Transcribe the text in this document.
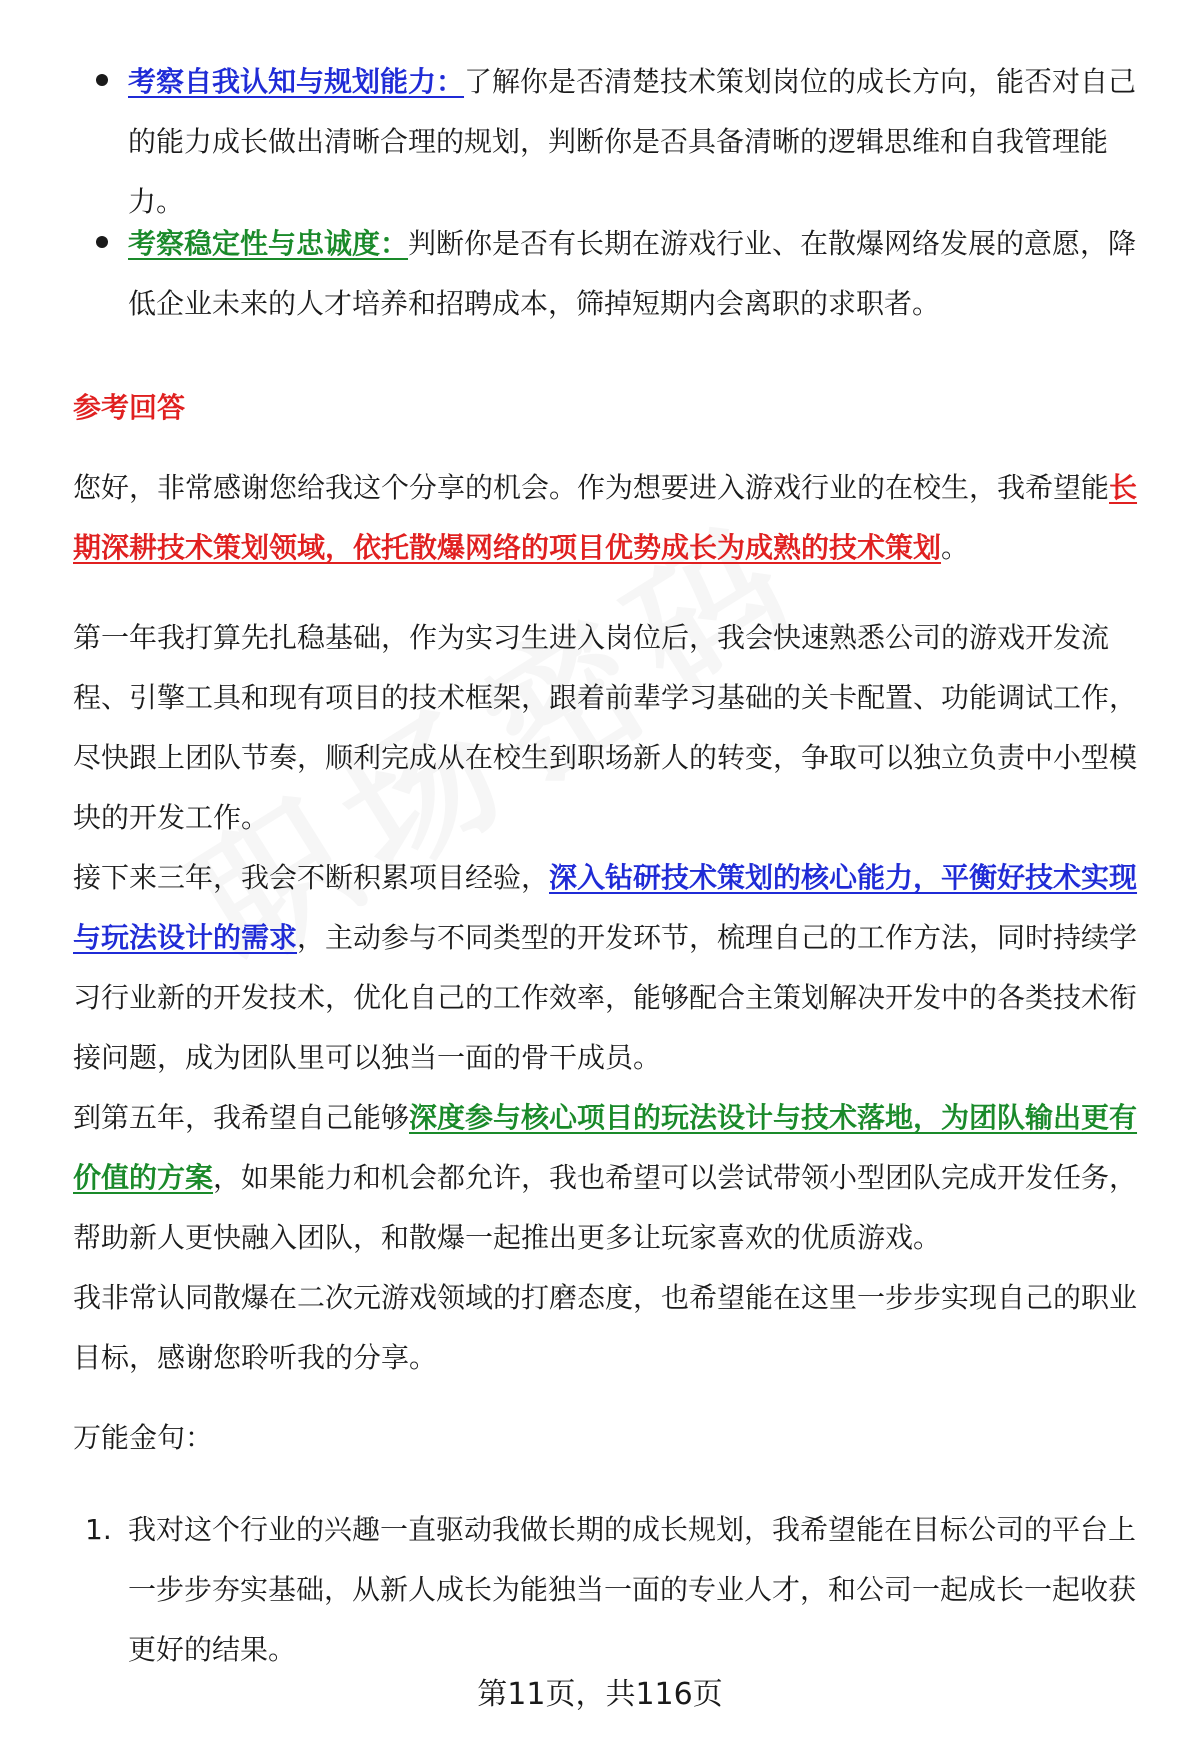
考察自我认知与规划能力：了解你是否清楚技术策划岗位的成长方向，能否对自己的能力成长做出清晰合理的规划，判断你是否具备清晰的逻辑思维和自我管理能力。

考察稳定性与忠诚度：判断你是否有长期在游戏行业、在散爆网络发展的意愿，降低企业未来的人才培养和招聘成本，筛掉短期内会离职的求职者。

参考回答

您好，非常感谢您给我这个分享的机会。作为想要进入游戏行业的在校生，我希望能长期深耕技术策划领域，依托散爆网络的项目优势成长为成熟的技术策划。

第一年我打算先扎稳基础，作为实习生进入岗位后，我会快速熟悉公司的游戏开发流程、引擎工具和现有项目的技术框架，跟着前辈学习基础的关卡配置、功能调试工作，尽快跟上团队节奏，顺利完成从在校生到职场新人的转变，争取可以独立负责中小型模块的开发工作。

接下来三年，我会不断积累项目经验，深入钻研技术策划的核心能力，平衡好技术实现与玩法设计的需求，主动参与不同类型的开发环节，梳理自己的工作方法，同时持续学习行业新的开发技术，优化自己的工作效率，能够配合主策划解决开发中的各类技术衔接问题，成为团队里可以独当一面的骨干成员。

到第五年，我希望自己能够深度参与核心项目的玩法设计与技术落地，为团队输出更有价值的方案，如果能力和机会都允许，我也希望可以尝试带领小型团队完成开发任务，帮助新人更快融入团队，和散爆一起推出更多让玩家喜欢的优质游戏。

我非常认同散爆在二次元游戏领域的打磨态度，也希望能在这里一步步实现自己的职业目标，感谢您聆听我的分享。

万能金句：

1. 我对这个行业的兴趣一直驱动我做长期的成长规划，我希望能在目标公司的平台上一步步夯实基础，从新人成长为能独当一面的专业人才，和公司一起成长一起收获更好的结果。

第11页，共116页
